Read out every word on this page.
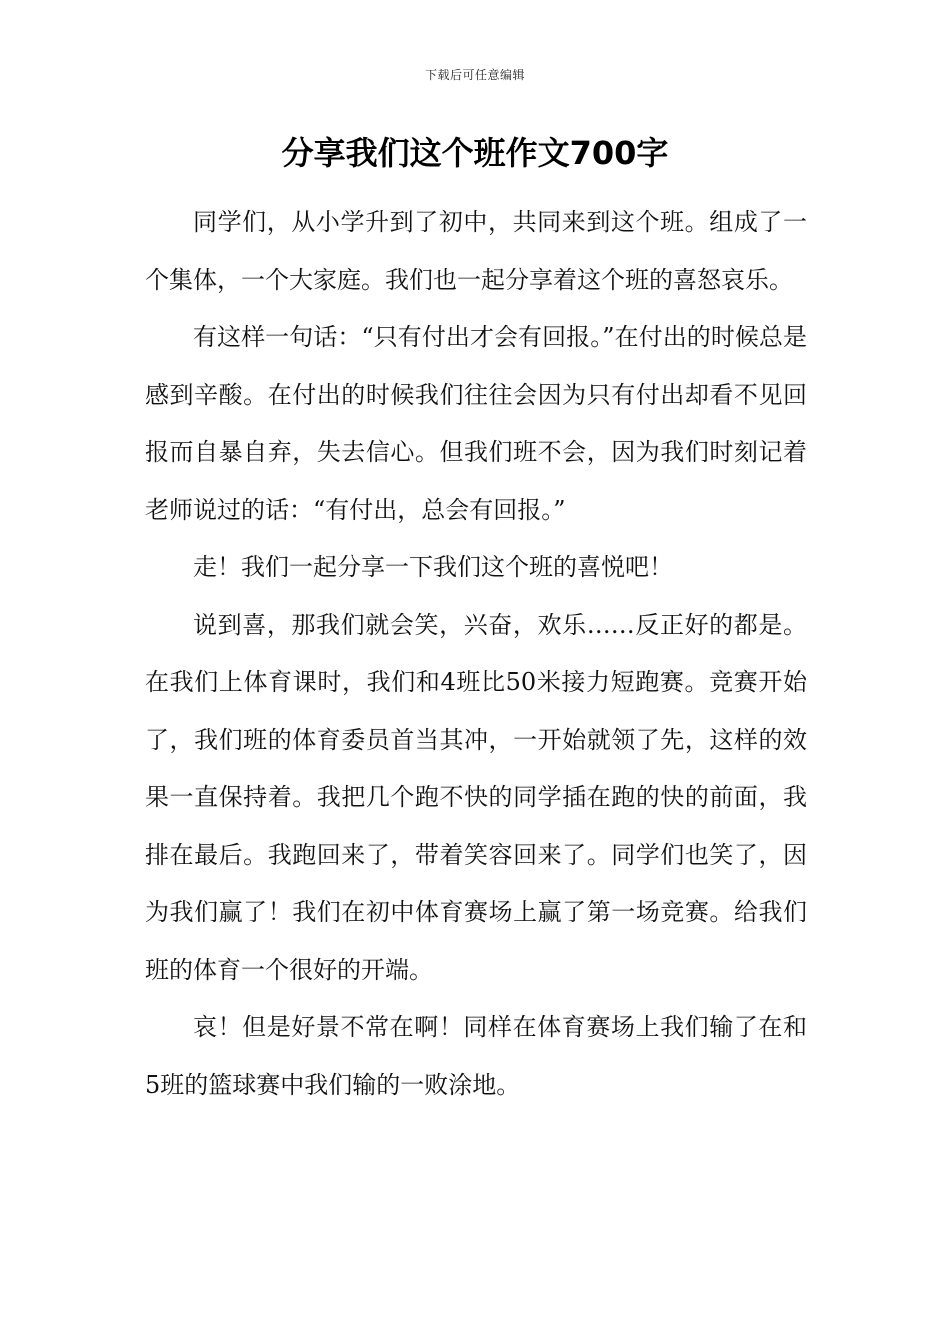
下载后可任意编辑
分享我们这个班作文700字

同学们，从小学升到了初中，共同来到这个班。组成了一个集体，一个大家庭。我们也一起分享着这个班的喜怒哀乐。

有这样一句话：“只有付出才会有回报。”在付出的时候总是感到辛酸。在付出的时候我们往往会因为只有付出却看不见回报而自暴自弃，失去信心。但我们班不会，因为我们时刻记着老师说过的话：“有付出，总会有回报。”

走！我们一起分享一下我们这个班的喜悦吧！

说到喜，那我们就会笑，兴奋，欢乐……反正好的都是。在我们上体育课时，我们和4班比50米接力短跑赛。竞赛开始了，我们班的体育委员首当其冲，一开始就领了先，这样的效果一直保持着。我把几个跑不快的同学插在跑的快的前面，我排在最后。我跑回来了，带着笑容回来了。同学们也笑了，因为我们赢了！我们在初中体育赛场上赢了第一场竞赛。给我们班的体育一个很好的开端。

哀！但是好景不常在啊！同样在体育赛场上我们输了在和5班的篮球赛中我们输的一败涂地。
